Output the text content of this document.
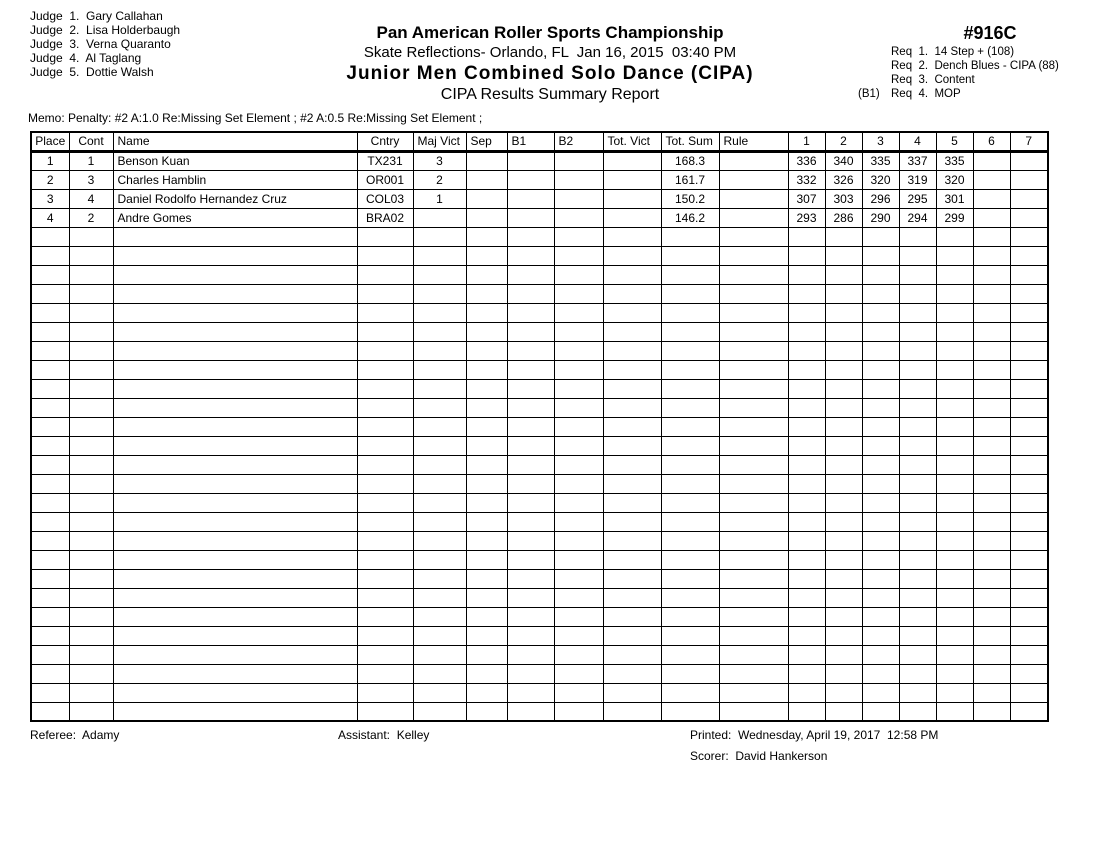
Judge  1.  Gary Callahan
Judge  2.  Lisa Holderbaugh
Judge  3.  Verna Quaranto
Judge  4.  Al Taglang
Judge  5.  Dottie Walsh
Pan American Roller Sports Championship
Skate Reflections- Orlando, FL  Jan 16, 2015  03:40 PM
Junior Men Combined Solo Dance (CIPA)
CIPA Results Summary Report
#916C
Req  1.  14 Step + (108)
Req  2.  Dench Blues - CIPA (88)
Req  3.  Content
(B1) Req  4.  MOP
Memo: Penalty: #2 A:1.0 Re:Missing Set Element ; #2 A:0.5 Re:Missing Set Element ;
Place	Cont	Name	Cntry	Maj Vict	Sep	B1	B2	Tot. Vict	Tot. Sum	Rule	1	2	3	4	5	6	7
1	1	Benson Kuan	TX231	3					168.3		336	340	335	337	335		
2	3	Charles Hamblin	OR001	2					161.7		332	326	320	319	320		
3	4	Daniel Rodolfo Hernandez Cruz	COL03	1					150.2		307	303	296	295	301		
4	2	Andre Gomes	BRA02						146.2		293	286	290	294	299		

Referee:  Adamy	Assistant:  Kelley	Printed:  Wednesday, April 19, 2017  12:58 PM
Scorer:  David Hankerson
